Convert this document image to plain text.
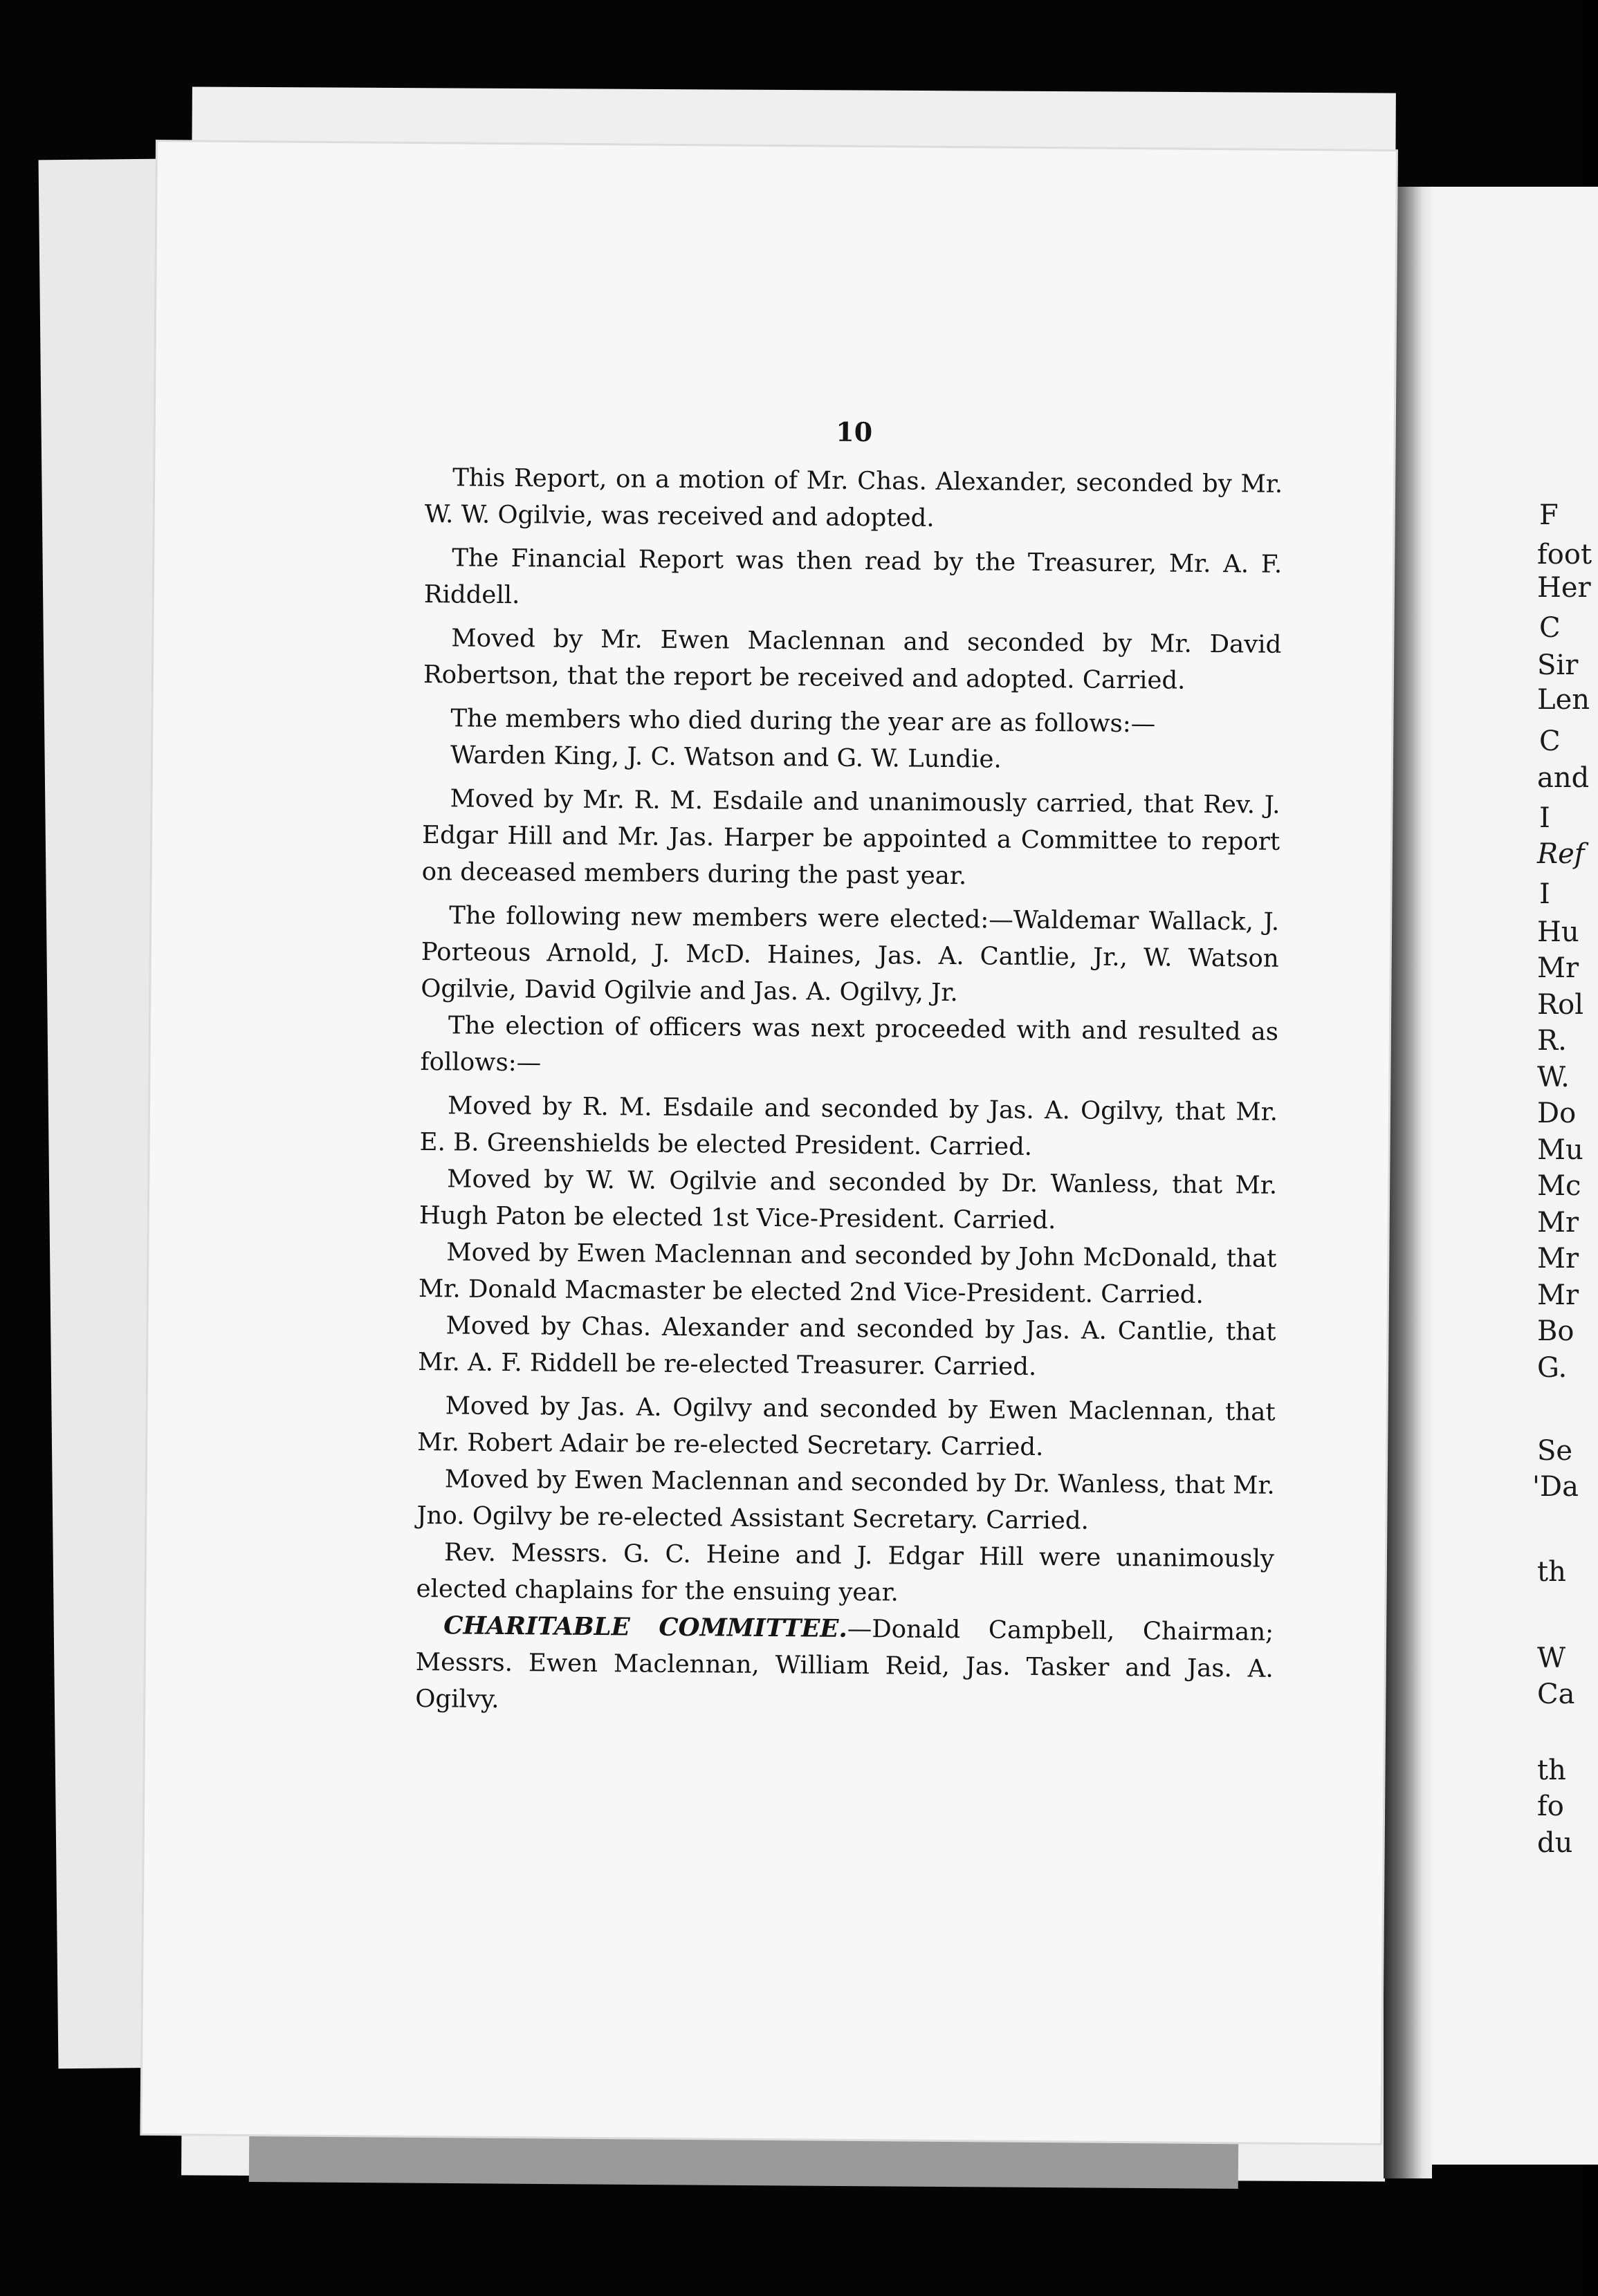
F
foot
Her
C
Sir
Len
C
and
I
Ref
I
Hu
Mr
Rol
R.
W.
Do
Mu
Mc
Mr
Mr
Mr
Bo
G.
Se
'Da
th
W
Ca
th
fo
du
10

This Report, on a motion of Mr. Chas. Alexander, seconded by Mr. W. W. Ogilvie, was received and adopted.

The Financial Report was then read by the Treasurer, Mr. A. F. Riddell.

Moved by Mr. Ewen Maclennan and seconded by Mr. David Robertson, that the report be received and adopted. Carried.

The members who died during the year are as follows:—

Warden King, J. C. Watson and G. W. Lundie.

Moved by Mr. R. M. Esdaile and unanimously carried, that Rev. J. Edgar Hill and Mr. Jas. Harper be appointed a Committee to report on deceased members during the past year.

The following new members were elected:—Waldemar Wallack, J. Porteous Arnold, J. McD. Haines, Jas. A. Cantlie, Jr., W. Watson Ogilvie, David Ogilvie and Jas. A. Ogilvy, Jr.

The election of officers was next proceeded with and resulted as follows:—

Moved by R. M. Esdaile and seconded by Jas. A. Ogilvy, that Mr. E. B. Greenshields be elected President. Carried.

Moved by W. W. Ogilvie and seconded by Dr. Wanless, that Mr. Hugh Paton be elected 1st Vice-President. Carried.

Moved by Ewen Maclennan and seconded by John McDonald, that Mr. Donald Macmaster be elected 2nd Vice-President. Carried.

Moved by Chas. Alexander and seconded by Jas. A. Cantlie, that Mr. A. F. Riddell be re-elected Treasurer. Carried.

Moved by Jas. A. Ogilvy and seconded by Ewen Maclennan, that Mr. Robert Adair be re-elected Secretary. Carried.

Moved by Ewen Maclennan and seconded by Dr. Wanless, that Mr. Jno. Ogilvy be re-elected Assistant Secretary. Carried.

Rev. Messrs. G. C. Heine and J. Edgar Hill were unanimously elected chaplains for the ensuing year.

CHARITABLE COMMITTEE.—Donald Campbell, Chairman; Messrs. Ewen Maclennan, William Reid, Jas. Tasker and Jas. A. Ogilvy.
